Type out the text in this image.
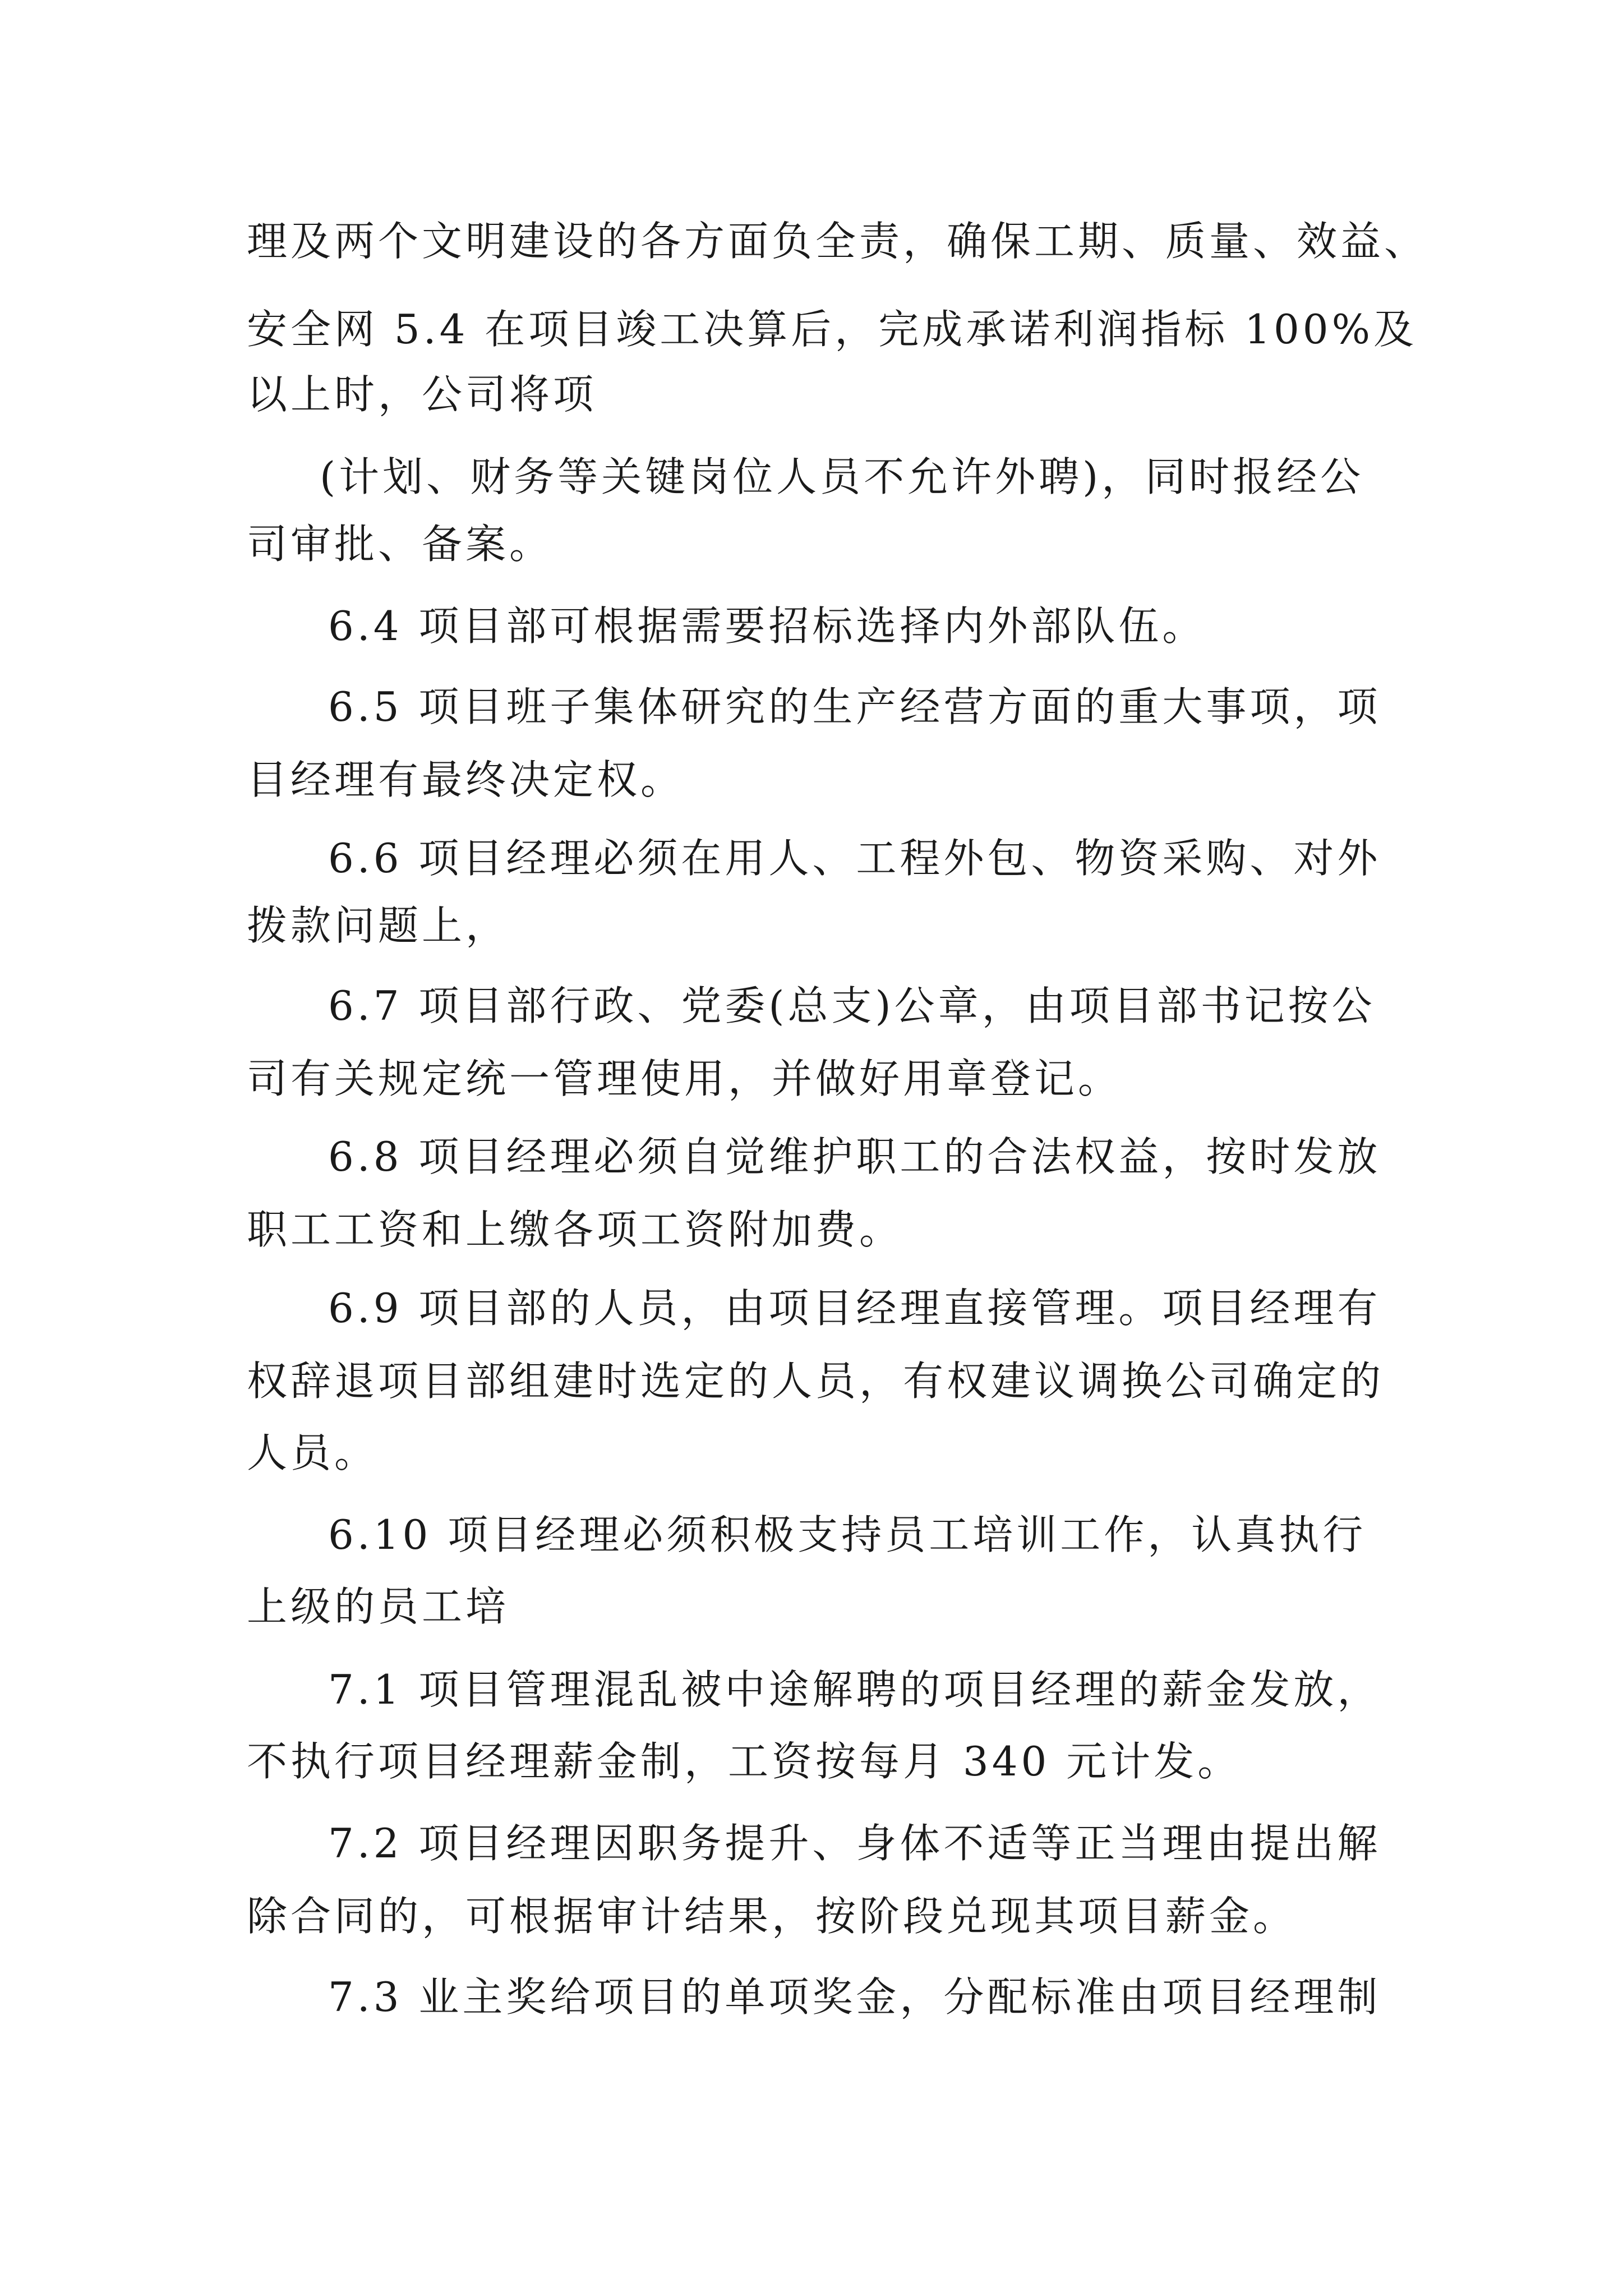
理及两个文明建设的各方面负全责，确保工期、质量、效益、
安全网 5.4 在项目竣工决算后，完成承诺利润指标 100%及
以上时，公司将项
(计划、财务等关键岗位人员不允许外聘)，同时报经公
司审批、备案。
6.4 项目部可根据需要招标选择内外部队伍。
6.5 项目班子集体研究的生产经营方面的重大事项，项
目经理有最终决定权。
6.6 项目经理必须在用人、工程外包、物资采购、对外
拨款问题上，
6.7 项目部行政、党委(总支)公章，由项目部书记按公
司有关规定统一管理使用，并做好用章登记。
6.8 项目经理必须自觉维护职工的合法权益，按时发放
职工工资和上缴各项工资附加费。
6.9 项目部的人员，由项目经理直接管理。项目经理有
权辞退项目部组建时选定的人员，有权建议调换公司确定的
人员。
6.10 项目经理必须积极支持员工培训工作，认真执行
上级的员工培
7.1 项目管理混乱被中途解聘的项目经理的薪金发放，
不执行项目经理薪金制，工资按每月 340 元计发。
7.2 项目经理因职务提升、身体不适等正当理由提出解
除合同的，可根据审计结果，按阶段兑现其项目薪金。
7.3 业主奖给项目的单项奖金，分配标准由项目经理制
